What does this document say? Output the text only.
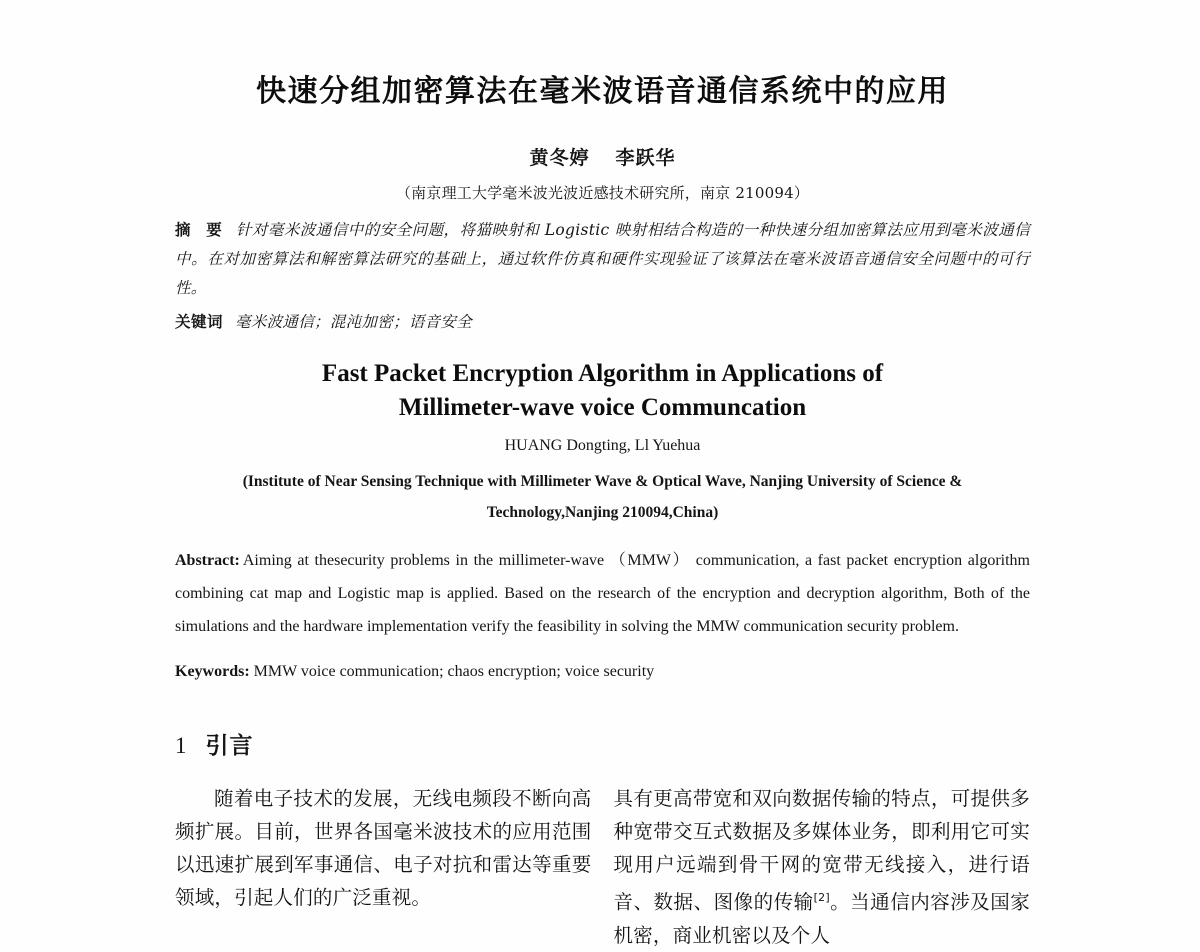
快速分组加密算法在毫米波语音通信系统中的应用
黄冬婷 李跃华
（南京理工大学毫米波光波近感技术研究所，南京 210094）
摘 要 针对毫米波通信中的安全问题，将猫映射和 Logistic 映射相结合构造的一种快速分组加密算法应用到毫米波通信中。在对加密算法和解密算法研究的基础上，通过软件仿真和硬件实现验证了该算法在毫米波语音通信安全问题中的可行性。
关键词 毫米波通信；混沌加密；语音安全
Fast Packet Encryption Algorithm in Applications of
Millimeter-wave voice Communcation
HUANG Dongting, Ll Yuehua
(Institute of Near Sensing Technique with Millimeter Wave & Optical Wave, Nanjing University of Science &
Technology,Nanjing 210094,China)
Abstract: Aiming at thesecurity problems in the millimeter-wave （MMW） communication, a fast packet encryption algorithm combining cat map and Logistic map is applied. Based on the research of the encryption and decryption algorithm, Both of the simulations and the hardware implementation verify the feasibility in solving the MMW communication security problem.
Keywords: MMW voice communication; chaos encryption; voice security
1 引言

随着电子技术的发展，无线电频段不断向高频扩展。目前，世界各国毫米波技术的应用范围以迅速扩展到军事通信、电子对抗和雷达等重要领域，引起人们的广泛重视。

具有更高带宽和双向数据传输的特点，可提供多种宽带交互式数据及多媒体业务，即利用它可实现用户远端到骨干网的宽带无线接入，进行语音、数据、图像的传输[2]。当通信内容涉及国家机密，商业机密以及个人
